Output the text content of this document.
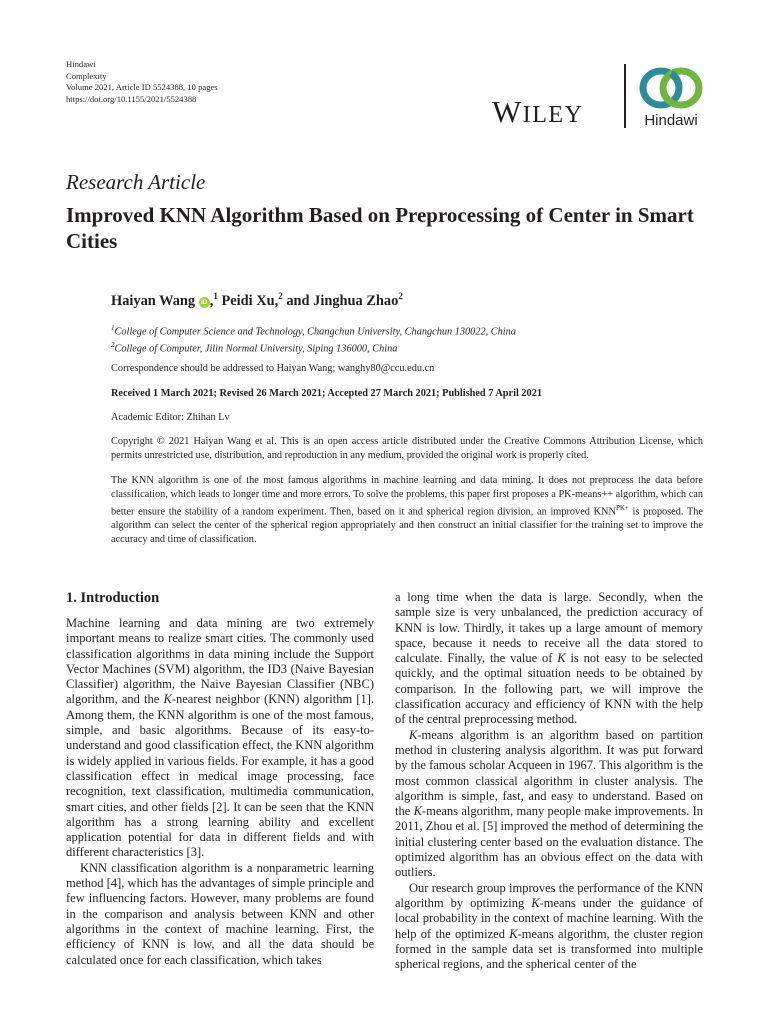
Hindawi
Complexity
Volume 2021, Article ID 5524388, 10 pages
https://doi.org/10.1155/2021/5524388	WILEY	Hindawi
Research Article
Improved KNN Algorithm Based on Preprocessing of Center in Smart Cities
Haiyan Wang iD ,$^1$ Peidi Xu,$^2$ and Jinghua Zhao$^2$
$^1$College of Computer Science and Technology, Changchun University, Changchun 130022, China
$^2$College of Computer, Jilin Normal University, Siping 136000, China
Correspondence should be addressed to Haiyan Wang; wanghy80@ccu.edu.cn
Received 1 March 2021; Revised 26 March 2021; Accepted 27 March 2021; Published 7 April 2021
Academic Editor: Zhihan Lv
Copyright © 2021 Haiyan Wang et al. This is an open access article distributed under the Creative Commons Attribution License, which permits unrestricted use, distribution, and reproduction in any medium, provided the original work is properly cited.
The KNN algorithm is one of the most famous algorithms in machine learning and data mining. It does not preprocess the data before classification, which leads to longer time and more errors. To solve the problems, this paper first proposes a PK-means++ algorithm, which can better ensure the stability of a random experiment. Then, based on it and spherical region division, an improved $KNN^{PK+}$ is proposed. The algorithm can select the center of the spherical region appropriately and then construct an initial classifier for the training set to improve the accuracy and time of classification.
1. Introduction

Machine learning and data mining are two extremely important means to realize smart cities. The commonly used classification algorithms in data mining include the Support Vector Machines (SVM) algorithm, the ID3 (Naive Bayesian Classifier) algorithm, the Naive Bayesian Classifier (NBC) algorithm, and the K-nearest neighbor (KNN) algorithm [1]. Among them, the KNN algorithm is one of the most famous, simple, and basic algorithms. Because of its easy-to-understand and good classification effect, the KNN algorithm is widely applied in various fields. For example, it has a good classification effect in medical image processing, face recognition, text classification, multimedia communication, smart cities, and other fields [2]. It can be seen that the KNN algorithm has a strong learning ability and excellent application potential for data in different fields and with different characteristics [3].

KNN classification algorithm is a nonparametric learning method [4], which has the advantages of simple principle and few influencing factors. However, many problems are found in the comparison and analysis between KNN and other algorithms in the context of machine learning. First, the efficiency of KNN is low, and all the data should be calculated once for each classification, which takes

a long time when the data is large. Secondly, when the sample size is very unbalanced, the prediction accuracy of KNN is low. Thirdly, it takes up a large amount of memory space, because it needs to receive all the data stored to calculate. Finally, the value of K is not easy to be selected quickly, and the optimal situation needs to be obtained by comparison. In the following part, we will improve the classification accuracy and efficiency of KNN with the help of the central preprocessing method.

K-means algorithm is an algorithm based on partition method in clustering analysis algorithm. It was put forward by the famous scholar Acqueen in 1967. This algorithm is the most common classical algorithm in cluster analysis. The algorithm is simple, fast, and easy to understand. Based on the K-means algorithm, many people make improvements. In 2011, Zhou et al. [5] improved the method of determining the initial clustering center based on the evaluation distance. The optimized algorithm has an obvious effect on the data with outliers.

Our research group improves the performance of the KNN algorithm by optimizing K-means under the guidance of local probability in the context of machine learning. With the help of the optimized K-means algorithm, the cluster region formed in the sample data set is transformed into multiple spherical regions, and the spherical center of the
